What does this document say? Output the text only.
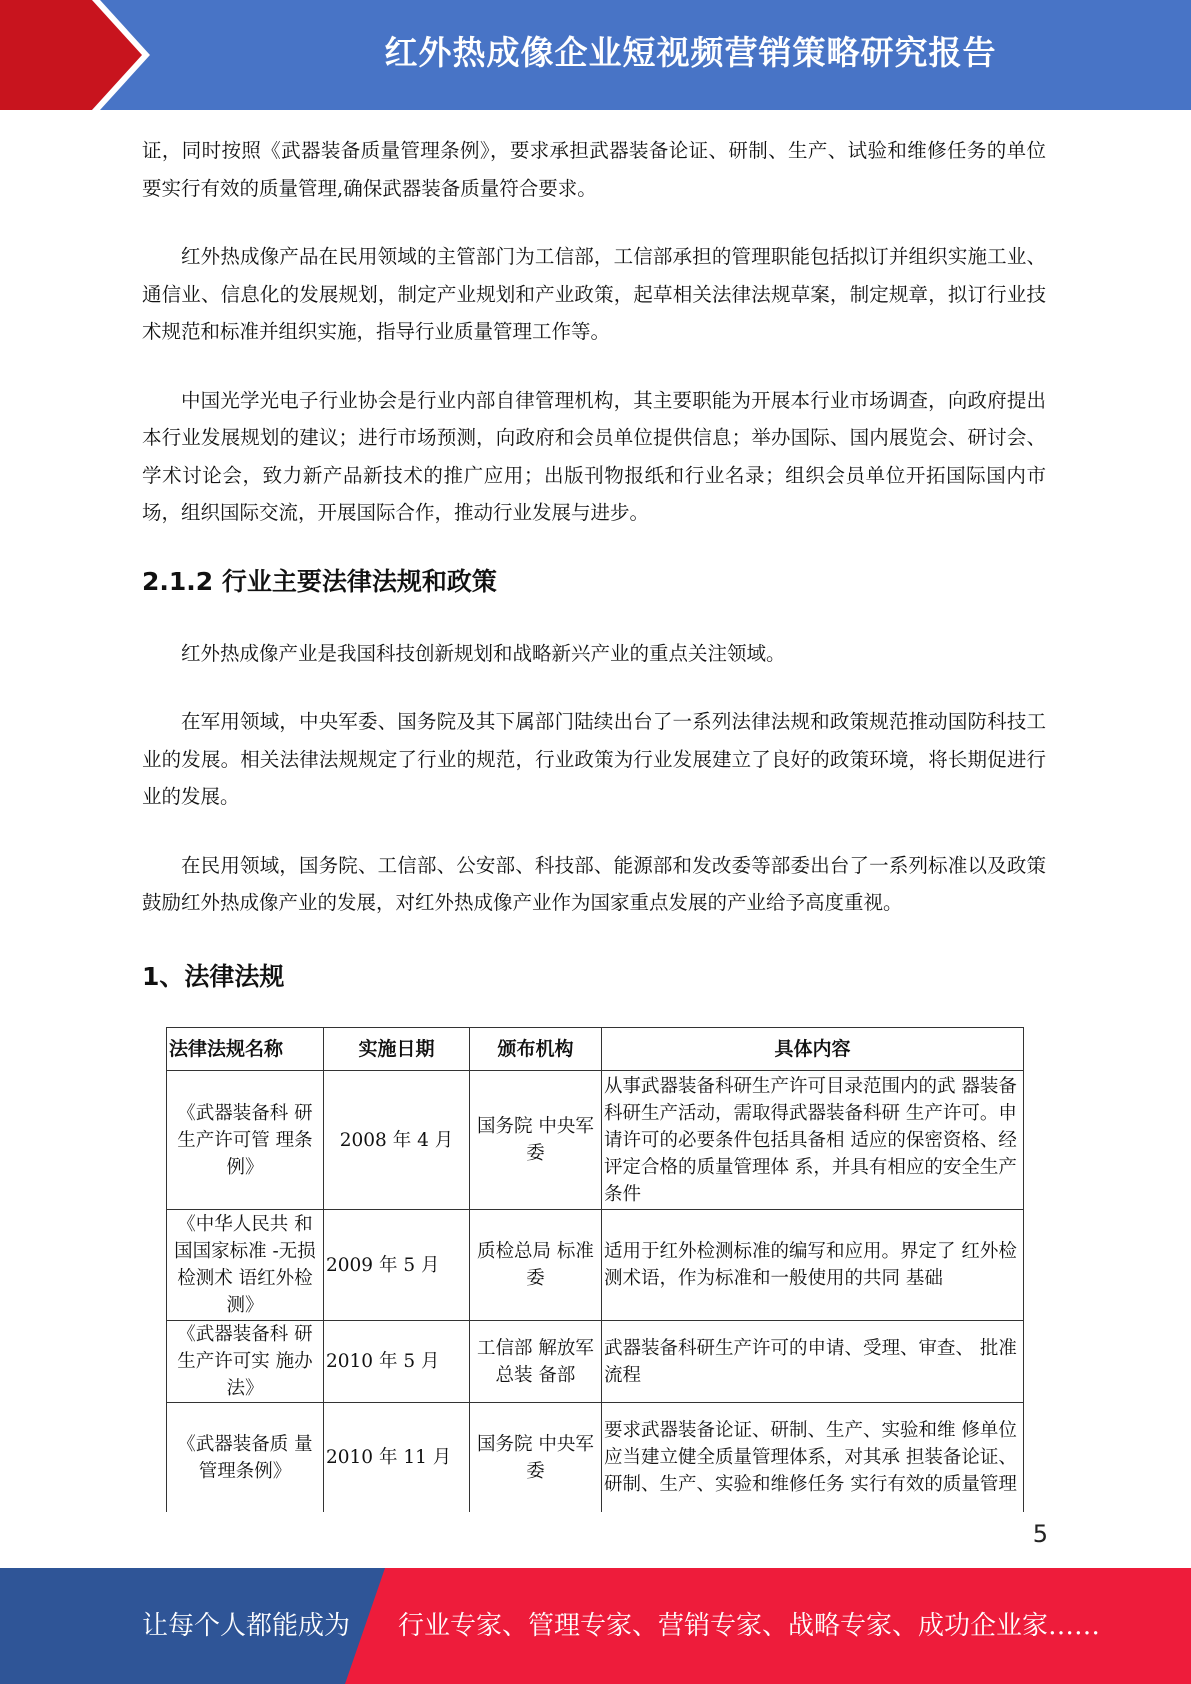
红外热成像企业短视频营销策略研究报告

证，同时按照《武器装备质量管理条例》，要求承担武器装备论证、研制、生产、试验和维修任务的单位要实行有效的质量管理,确保武器装备质量符合要求。

红外热成像产品在民用领域的主管部门为工信部，工信部承担的管理职能包括拟订并组织实施工业、通信业、信息化的发展规划，制定产业规划和产业政策，起草相关法律法规草案，制定规章，拟订行业技术规范和标准并组织实施，指导行业质量管理工作等。

中国光学光电子行业协会是行业内部自律管理机构，其主要职能为开展本行业市场调查，向政府提出本行业发展规划的建议；进行市场预测，向政府和会员单位提供信息；举办国际、国内展览会、研讨会、学术讨论会，致力新产品新技术的推广应用；出版刊物报纸和行业名录；组织会员单位开拓国际国内市场，组织国际交流，开展国际合作，推动行业发展与进步。

2.1.2 行业主要法律法规和政策

红外热成像产业是我国科技创新规划和战略新兴产业的重点关注领域。

在军用领域，中央军委、国务院及其下属部门陆续出台了一系列法律法规和政策规范推动国防科技工业的发展。相关法律法规规定了行业的规范，行业政策为行业发展建立了良好的政策环境，将长期促进行业的发展。

在民用领域，国务院、工信部、公安部、科技部、能源部和发改委等部委出台了一系列标准以及政策鼓励红外热成像产业的发展，对红外热成像产业作为国家重点发展的产业给予高度重视。

1、法律法规

法律法规名称	实施日期	颁布机构	具体内容
《武器装备科 研生产许可管 理条例》	2008 年 4 月	国务院 中央军委	从事武器装备科研生产许可目录范围内的武 器装备科研生产活动，需取得武器装备科研 生产许可。申请许可的必要条件包括具备相 适应的保密资格、经评定合格的质量管理体 系，并具有相应的安全生产条件
《中华人民共 和国国家标准 -无损检测术 语红外检测》	2009 年 5 月	质检总局 标准委	适用于红外检测标准的编写和应用。界定了 红外检测术语，作为标准和一般使用的共同 基础
《武器装备科 研生产许可实 施办法》	2010 年 5 月	工信部 解放军总装 备部	武器装备科研生产许可的申请、受理、审查、 批准流程
《武器装备质 量管理条例》	2010 年 11 月	国务院 中央军委	要求武器装备论证、研制、生产、实验和维 修单位应当建立健全质量管理体系，对其承 担装备论证、研制、生产、实验和维修任务 实行有效的质量管理
5
让每个人都能成为 行业专家、管理专家、营销专家、战略专家、成功企业家……
